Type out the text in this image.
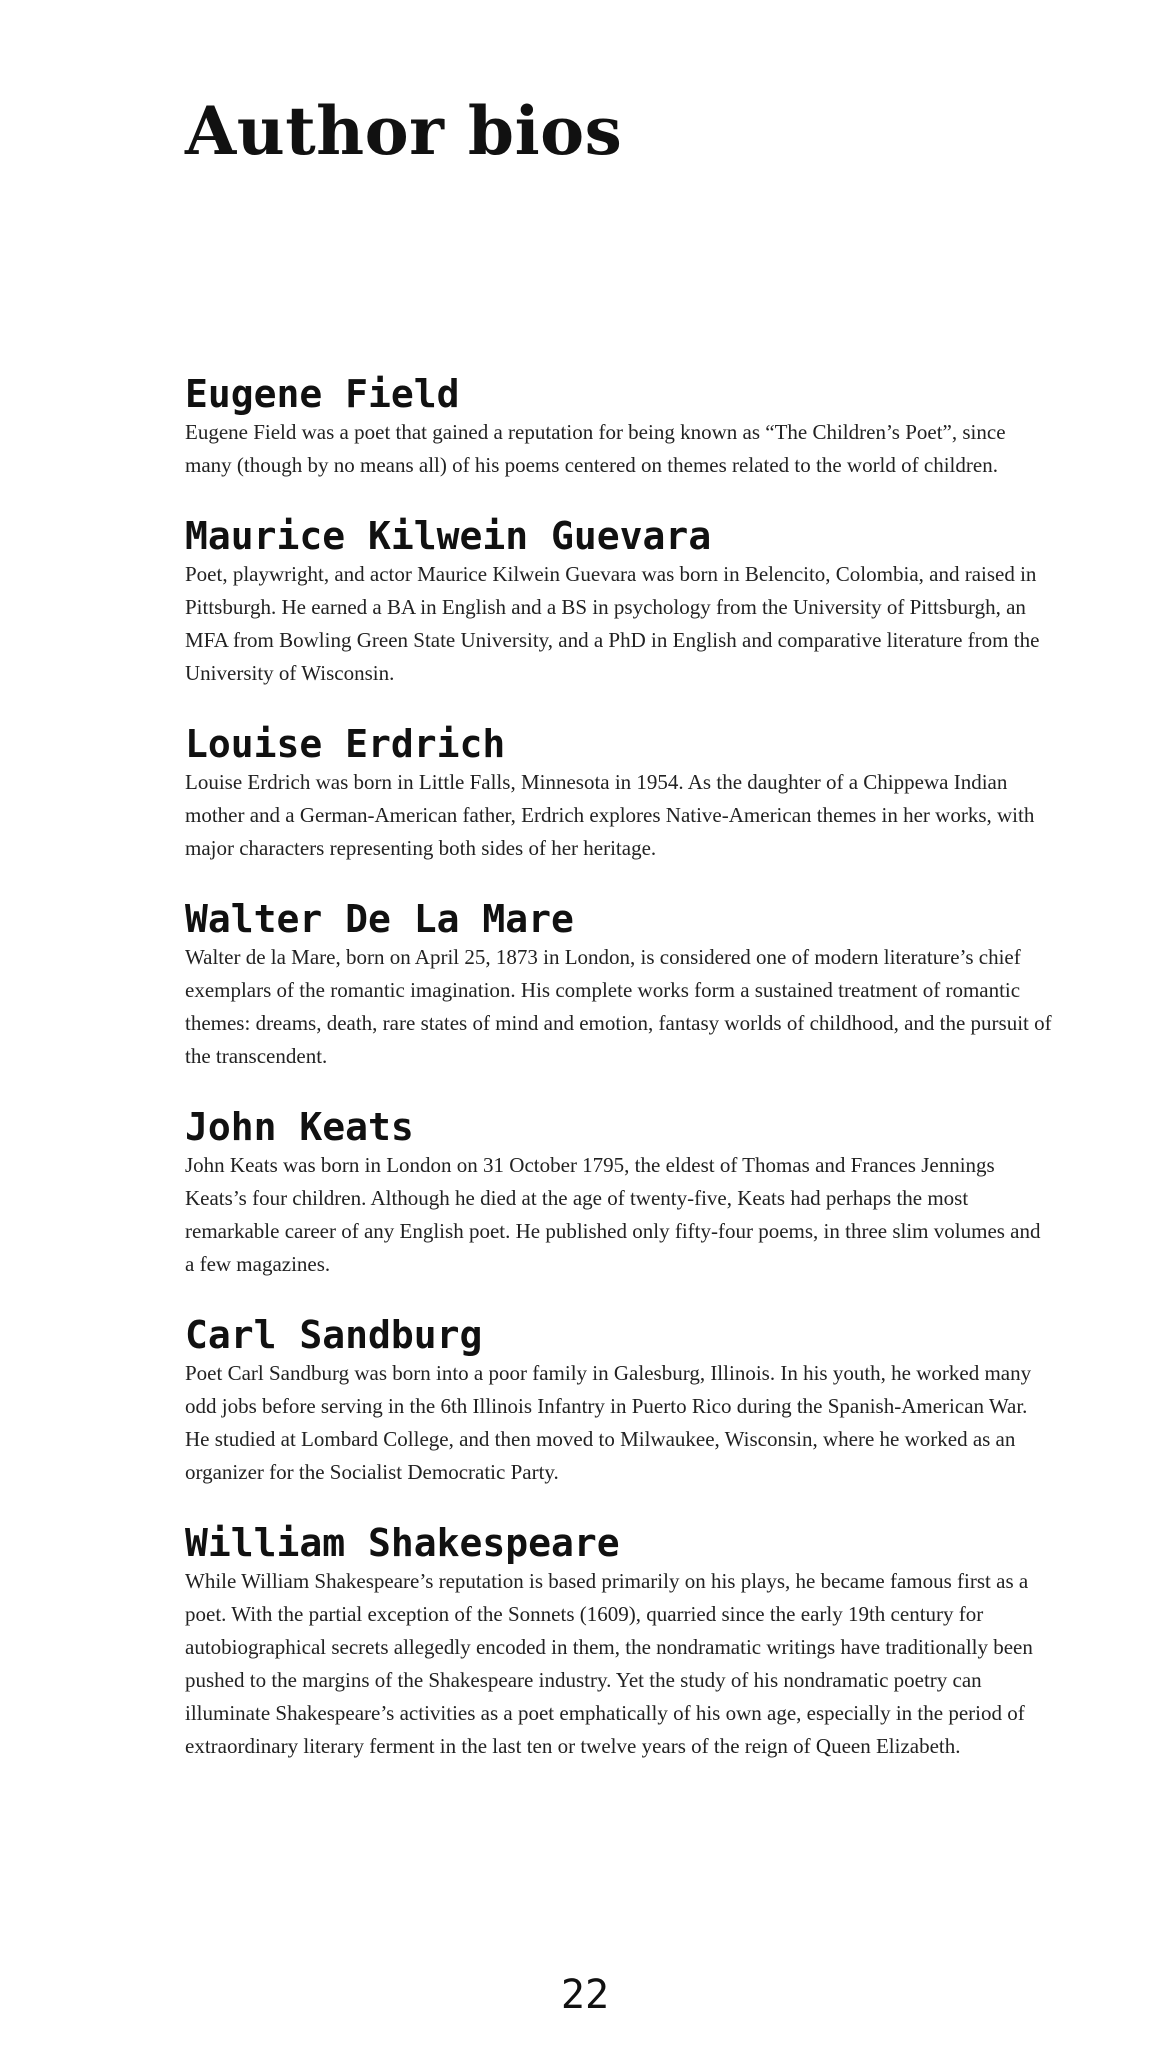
Author bios
Eugene Field

Eugene Field was a poet that gained a reputation for being known as “The Children’s Poet”, since many (though by no means all) of his poems centered on themes related to the world of children.

Maurice Kilwein Guevara

Poet, playwright, and actor Maurice Kilwein Guevara was born in Belencito, Colombia, and raised in Pittsburgh. He earned a BA in English and a BS in psychology from the University of Pittsburgh, an MFA from Bowling Green State University, and a PhD in English and comparative literature from the University of Wisconsin.

Louise Erdrich

Louise Erdrich was born in Little Falls, Minnesota in 1954. As the daughter of a Chippewa Indian mother and a German-American father, Erdrich explores Native-American themes in her works, with major characters representing both sides of her heritage.

Walter De La Mare

Walter de la Mare, born on April 25, 1873 in London, is considered one of modern literature’s chief exemplars of the romantic imagination. His complete works form a sustained treatment of romantic themes: dreams, death, rare states of mind and emotion, fantasy worlds of childhood, and the pursuit of the transcendent.

John Keats

John Keats was born in London on 31 October 1795, the eldest of Thomas and Frances Jennings Keats’s four children. Although he died at the age of twenty-five, Keats had perhaps the most remarkable career of any English poet. He published only fifty-four poems, in three slim volumes and a few magazines.

Carl Sandburg

Poet Carl Sandburg was born into a poor family in Galesburg, Illinois. In his youth, he worked many odd jobs before serving in the 6th Illinois Infantry in Puerto Rico during the Spanish-American War. He studied at Lombard College, and then moved to Milwaukee, Wisconsin, where he worked as an organizer for the Socialist Democratic Party.

William Shakespeare

While William Shakespeare’s reputation is based primarily on his plays, he became famous first as a poet. With the partial exception of the Sonnets (1609), quarried since the early 19th century for autobiographical secrets allegedly encoded in them, the nondramatic writings have traditionally been pushed to the margins of the Shakespeare industry. Yet the study of his nondramatic poetry can illuminate Shakespeare’s activities as a poet emphatically of his own age, especially in the period of extraordinary literary ferment in the last ten or twelve years of the reign of Queen Elizabeth.

22
